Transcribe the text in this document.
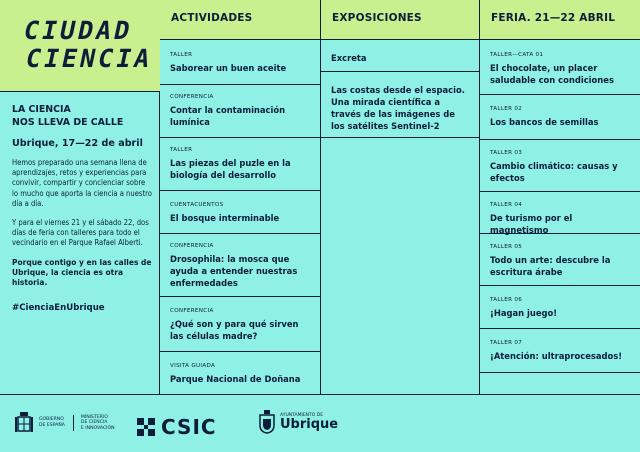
CIUDAD
CIENCIA
LA CIENCIA
NOS LLEVA DE CALLE
Ubrique, 17—22 de abril
Hemos preparado una semana llena de aprendizajes, retos y experiencias para convivir, compartir y concienciar sobre lo mucho que aporta la ciencia a nuestro día a día.
Y para el viernes 21 y el sábado 22, dos días de feria con talleres para todo el vecindario en el Parque Rafael Alberti.
Porque contigo y en las calles de Ubrique, la ciencia es otra historia.
#CienciaEnUbrique
ACTIVIDADES
TALLER
Saborear un buen aceite
CONFERENCIA
Contar la contaminación lumínica
TALLER
Las piezas del puzle en la biología del desarrollo
CUENTACUENTOS
El bosque interminable
CONFERENCIA
Drosophila: la mosca que ayuda a entender nuestras enfermedades
CONFERENCIA
¿Qué son y para qué sirven las células madre?
VISITA GUIADA
Parque Nacional de Doñana
EXPOSICIONES
Excreta
Las costas desde el espacio. Una mirada científica a través de las imágenes de los satélites Sentinel-2
FERIA. 21—22 ABRIL
TALLER—CATA 01
El chocolate, un placer saludable con condiciones
TALLER 02
Los bancos de semillas
TALLER 03
Cambio climático: causas y efectos
TALLER 04
De turismo por el magnetismo
TALLER 05
Todo un arte: descubre la escritura árabe
TALLER 06
¡Hagan juego!
TALLER 07
¡Atención: ultraprocesados!
GOBIERNO
DE ESPAÑA
MINISTERIO
DE CIENCIA
E INNOVACIÓN CSIC	AYUNTAMIENTO DE
Ubrique
